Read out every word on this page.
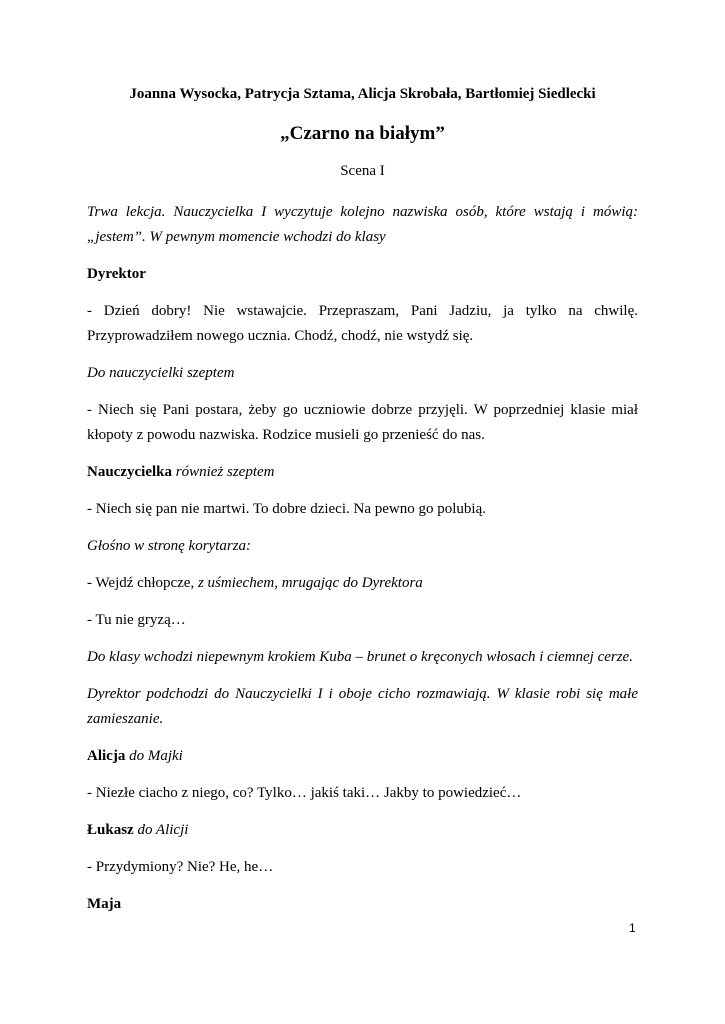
Joanna Wysocka, Patrycja Sztama, Alicja Skrobała, Bartłomiej Siedlecki
„Czarno na białym”
Scena I

Trwa lekcja. Nauczycielka I wyczytuje kolejno nazwiska osób, które wstają i mówią: „jestem”. W pewnym momencie wchodzi do klasy

Dyrektor

- Dzień dobry! Nie wstawajcie. Przepraszam, Pani Jadziu, ja tylko na chwilę. Przyprowadziłem nowego ucznia. Chodź, chodź, nie wstydź się.

Do nauczycielki szeptem

- Niech się Pani postara, żeby go uczniowie dobrze przyjęli. W poprzedniej klasie miał kłopoty z powodu nazwiska. Rodzice musieli go przenieść do nas.

Nauczycielka również szeptem

- Niech się pan nie martwi. To dobre dzieci. Na pewno go polubią.

Głośno w stronę korytarza:

- Wejdź chłopcze, z uśmiechem, mrugając do Dyrektora

- Tu nie gryzą…

Do klasy wchodzi niepewnym krokiem Kuba – brunet o kręconych włosach i ciemnej cerze.

Dyrektor podchodzi do Nauczycielki I i oboje cicho rozmawiają. W klasie robi się małe zamieszanie.

Alicja do Majki

- Niezłe ciacho z niego, co? Tylko… jakiś taki… Jakby to powiedzieć…

Łukasz do Alicji

- Przydymiony? Nie? He, he…

Maja

1
